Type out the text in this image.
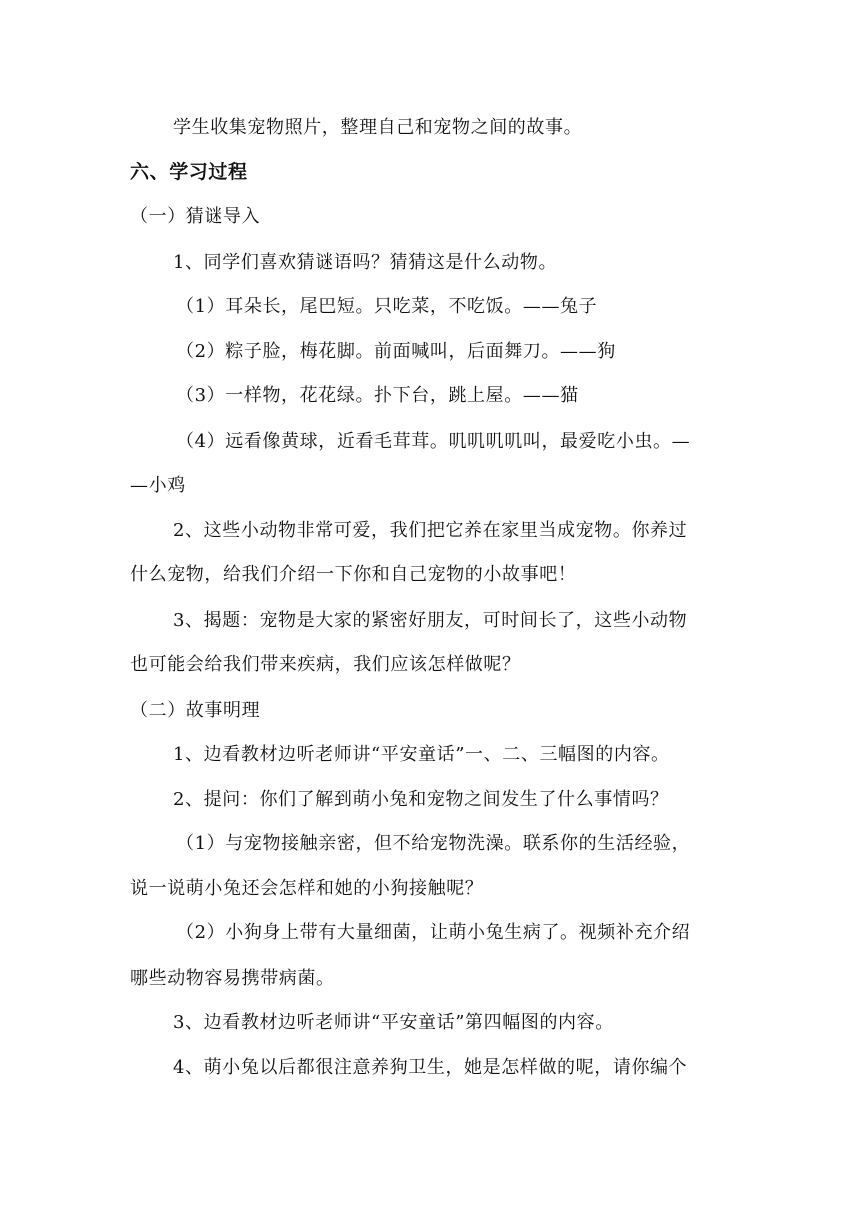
学生收集宠物照片，整理自己和宠物之间的故事。
六、学习过程
（一）猜谜导入
1、同学们喜欢猜谜语吗？猜猜这是什么动物。
（1）耳朵长，尾巴短。只吃菜，不吃饭。——兔子
（2）粽子脸，梅花脚。前面喊叫，后面舞刀。——狗
（3）一样物，花花绿。扑下台，跳上屋。——猫
（4）远看像黄球，近看毛茸茸。叽叽叽叽叫，最爱吃小虫。—
—小鸡
2、这些小动物非常可爱，我们把它养在家里当成宠物。你养过
什么宠物，给我们介绍一下你和自己宠物的小故事吧！
3、揭题：宠物是大家的紧密好朋友，可时间长了，这些小动物
也可能会给我们带来疾病，我们应该怎样做呢？
（二）故事明理
1、边看教材边听老师讲“平安童话”一、二、三幅图的内容。
2、提问：你们了解到萌小兔和宠物之间发生了什么事情吗？
（1）与宠物接触亲密，但不给宠物洗澡。联系你的生活经验，
说一说萌小兔还会怎样和她的小狗接触呢？
（2）小狗身上带有大量细菌，让萌小兔生病了。视频补充介绍
哪些动物容易携带病菌。
3、边看教材边听老师讲“平安童话”第四幅图的内容。
4、萌小兔以后都很注意养狗卫生，她是怎样做的呢，请你编个
